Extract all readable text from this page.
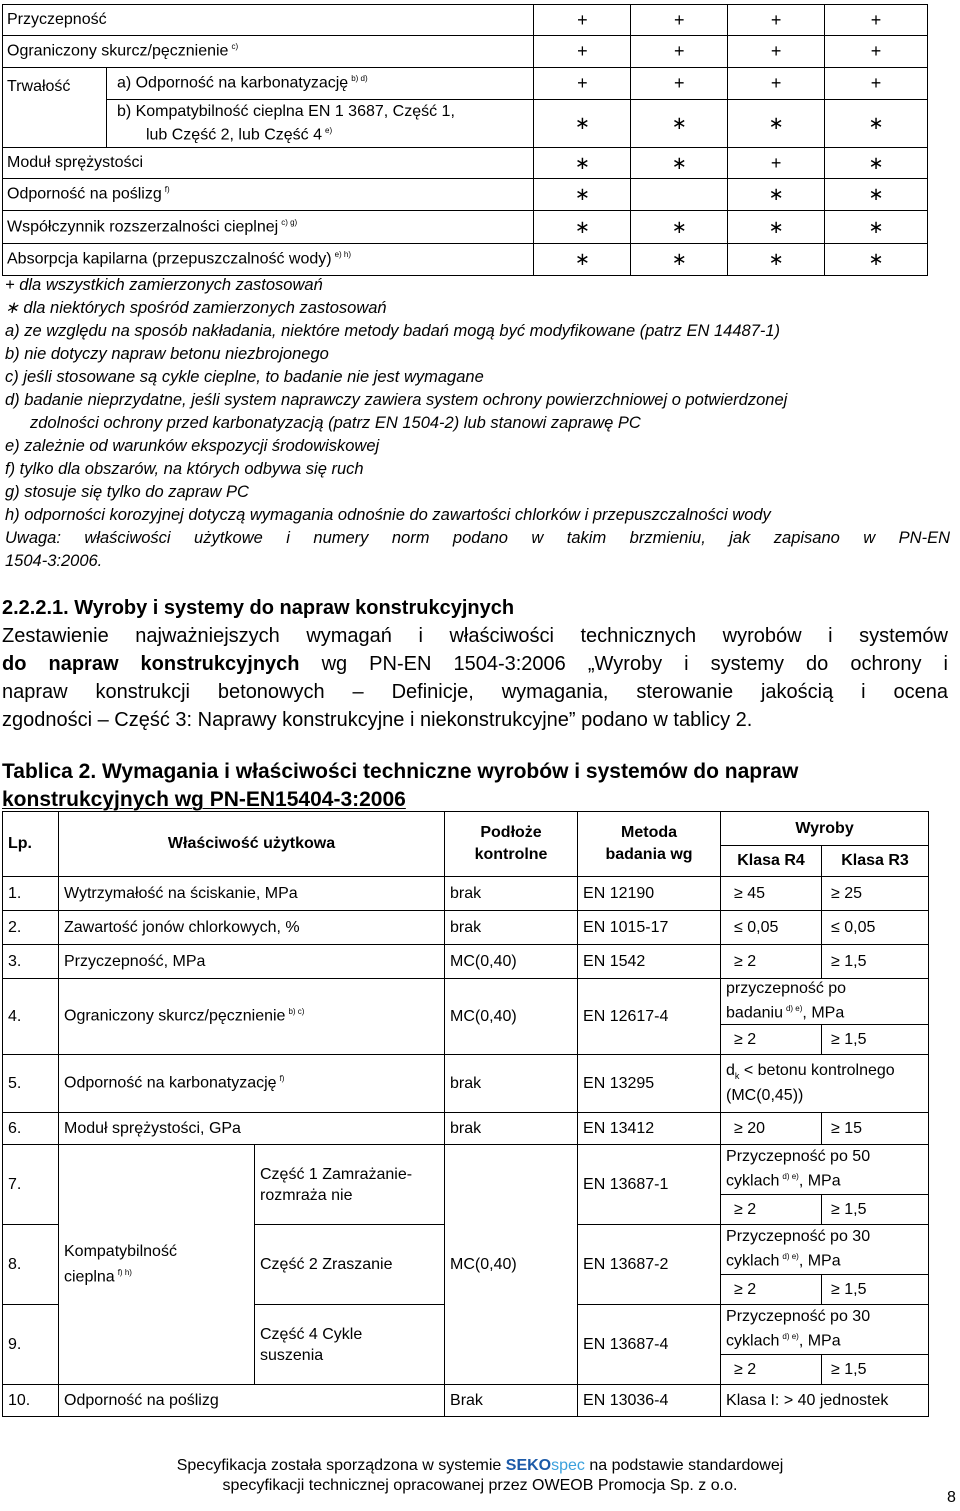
Przyczepność		+	+	+	+
Ograniczony skurcz/pęcznienie $^{c)}$		+	+	+	+
Trwałość	a) Odporność na karbonatyzację $^{b) d)}$	+	+	+	+

	b) Kompatybilność cieplna EN 1 3687, Część 1,
lub Część 2, lub Część 4 $^{e)}$	∗	∗	∗	∗
Moduł sprężystości		∗	∗	+	∗
Odporność na poślizg $^{f)}$		∗		∗	∗
Współczynnik rozszerzalności cieplnej $^{c) g)}$		∗	∗	∗	∗
Absorpcja kapilarna (przepuszczalność wody) $^{e) h)}$		∗	∗	∗	∗
+ dla wszystkich zamierzonych zastosowań
∗ dla niektórych spośród zamierzonych zastosowań
a) ze względu na sposób nakładania, niektóre metody badań mogą być modyfikowane (patrz EN 14487-1)
b) nie dotyczy napraw betonu niezbrojonego
c) jeśli stosowane są cykle cieplne, to badanie nie jest wymagane
d) badanie nieprzydatne, jeśli system naprawczy zawiera system ochrony powierzchniowej o potwierdzonej
zdolności ochrony przed karbonatyzacją (patrz EN 1504-2) lub stanowi zaprawę PC
e) zależnie od warunków ekspozycji środowiskowej
f) tylko dla obszarów, na których odbywa się ruch
g) stosuje się tylko do zapraw PC
h) odporności korozyjnej dotyczą wymagania odnośnie do zawartości chlorków i przepuszczalności wody
Uwaga: właściwości użytkowe i numery norm podano w takim brzmieniu, jak zapisano w PN-EN
1504-3:2006.
2.2.2.1. Wyroby i systemy do napraw konstrukcyjnych
Zestawienie najważniejszych wymagań i właściwości technicznych wyrobów i systemów
do napraw konstrukcyjnych wg PN-EN 1504-3:2006 „Wyroby i systemy do ochrony i
napraw konstrukcji betonowych – Definicje, wymagania, sterowanie jakością i ocena
zgodności – Część 3: Naprawy konstrukcyjne i niekonstrukcyjne” podano w tablicy 2.
Tablica 2. Wymagania i właściwości techniczne wyrobów i systemów do napraw
konstrukcyjnych wg PN-EN15404-3:2006
Lp.	Właściwość użytkowa		Podłoże kontrolne	Metoda badania wg	Wyroby	
					Klasa R4	Klasa R3
1.	Wytrzymałość na ściskanie, MPa		brak	EN 12190	≥ 45	≥ 25
2.	Zawartość jonów chlorkowych, %		brak	EN 1015-17	≤ 0,05	≤ 0,05
3.	Przyczepność, MPa		MC(0,40)	EN 1542	≥ 2	≥ 1,5
4.	Ograniczony skurcz/pęcznienie $^{b) c)}$		MC(0,40)	EN 12617-4	przyczepność po
badaniu $^{d) e)}$, MPa	

					≥ 2	≥ 1,5
5.	Odporność na karbonatyzację $^{f)}$		brak	EN 13295	$d_k$ < betonu kontrolnego
(MC(0,45))	

6.	Moduł sprężystości, GPa		brak	EN 13412	≥ 20	≥ 15
7.	Kompatybilność cieplna $^{f) h)}$	Część 1 Zamrażanie-rozmraża nie	MC(0,40)	EN 13687-1	Przyczepność po 50
cyklach $^{d) e)}$, MPa	

					≥ 2	≥ 1,5
8.		Część 2 Zraszanie		EN 13687-2	Przyczepność po 30
cyklach $^{d) e)}$, MPa	

					≥ 2	≥ 1,5
9.		Część 4 Cykle suszenia		EN 13687-4	Przyczepność po 30
cyklach $^{d) e)}$, MPa	

					≥ 2	≥ 1,5
10.	Odporność na poślizg		Brak	EN 13036-4	Klasa I: > 40 jednostek	
Specyfikacja została sporządzona w systemie SEKOspec na podstawie standardowej
specyfikacji technicznej opracowanej przez OWEOB Promocja Sp. z o.o.
8
